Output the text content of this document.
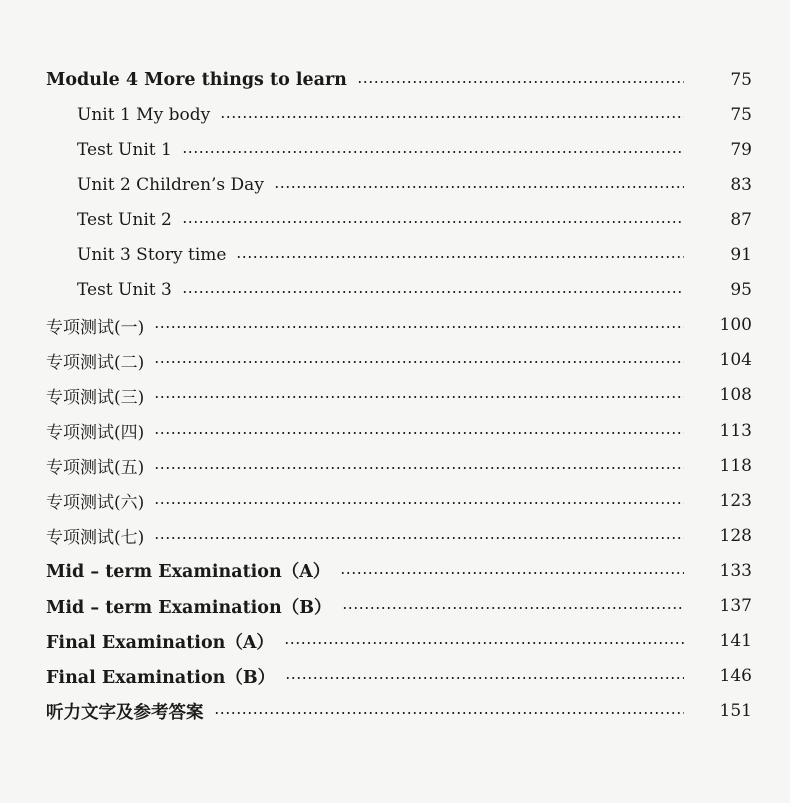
Module 4 More things to learn	75
Unit 1 My body	75
Test Unit 1	79
Unit 2 Children’s Day	83
Test Unit 2	87
Unit 3 Story time	91
Test Unit 3	95
专项测试(一)	100
专项测试(二)	104
专项测试(三)	108
专项测试(四)	113
专项测试(五)	118
专项测试(六)	123
专项测试(七)	128
Mid – term Examination（A）	133
Mid – term Examination（B）	137
Final Examination（A）	141
Final Examination（B）	146
听力文字及参考答案	151
